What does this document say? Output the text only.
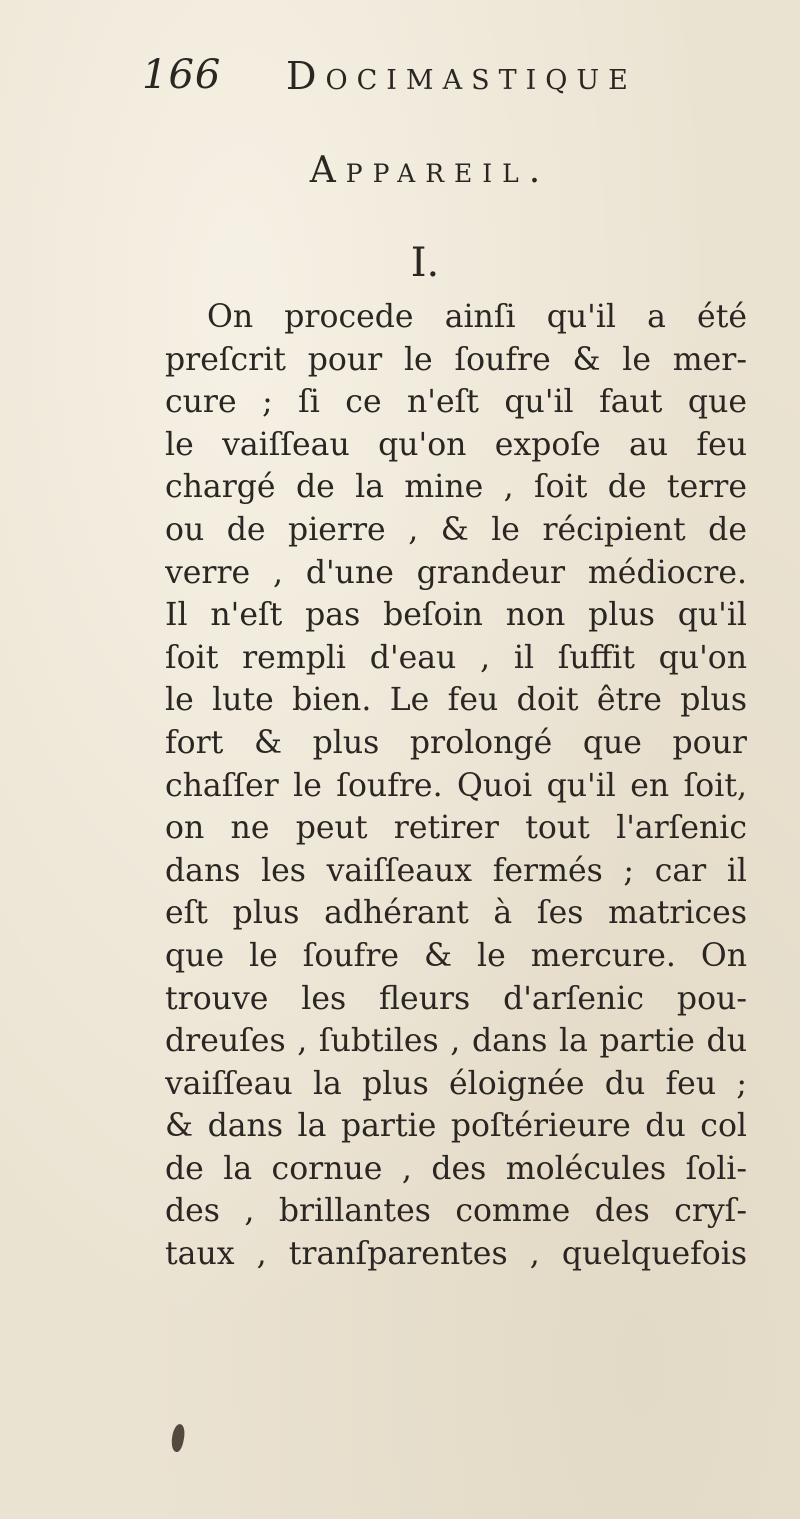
166 Docimastique
Appareil.
I.
On procede ainſi qu'il a été
preſcrit pour le ſoufre & le mer-
cure ; ſi ce n'eſt qu'il faut que
le vaiſſeau qu'on expoſe au feu
chargé de la mine , ſoit de terre
ou de pierre , & le récipient de
verre , d'une grandeur médiocre.
Il n'eſt pas beſoin non plus qu'il
ſoit rempli d'eau , il ſuffit qu'on
le lute bien. Le feu doit être plus
fort & plus prolongé que pour
chaſſer le ſoufre. Quoi qu'il en ſoit,
on ne peut retirer tout l'arſenic
dans les vaiſſeaux fermés ; car il
eſt plus adhérant à ſes matrices
que le ſoufre & le mercure. On
trouve les fleurs d'arſenic pou-
dreuſes , ſubtiles , dans la partie du
vaiſſeau la plus éloignée du feu ;
& dans la partie poſtérieure du col
de la cornue , des molécules ſoli-
des , brillantes comme des cryſ-
taux , tranſparentes , quelquefois
